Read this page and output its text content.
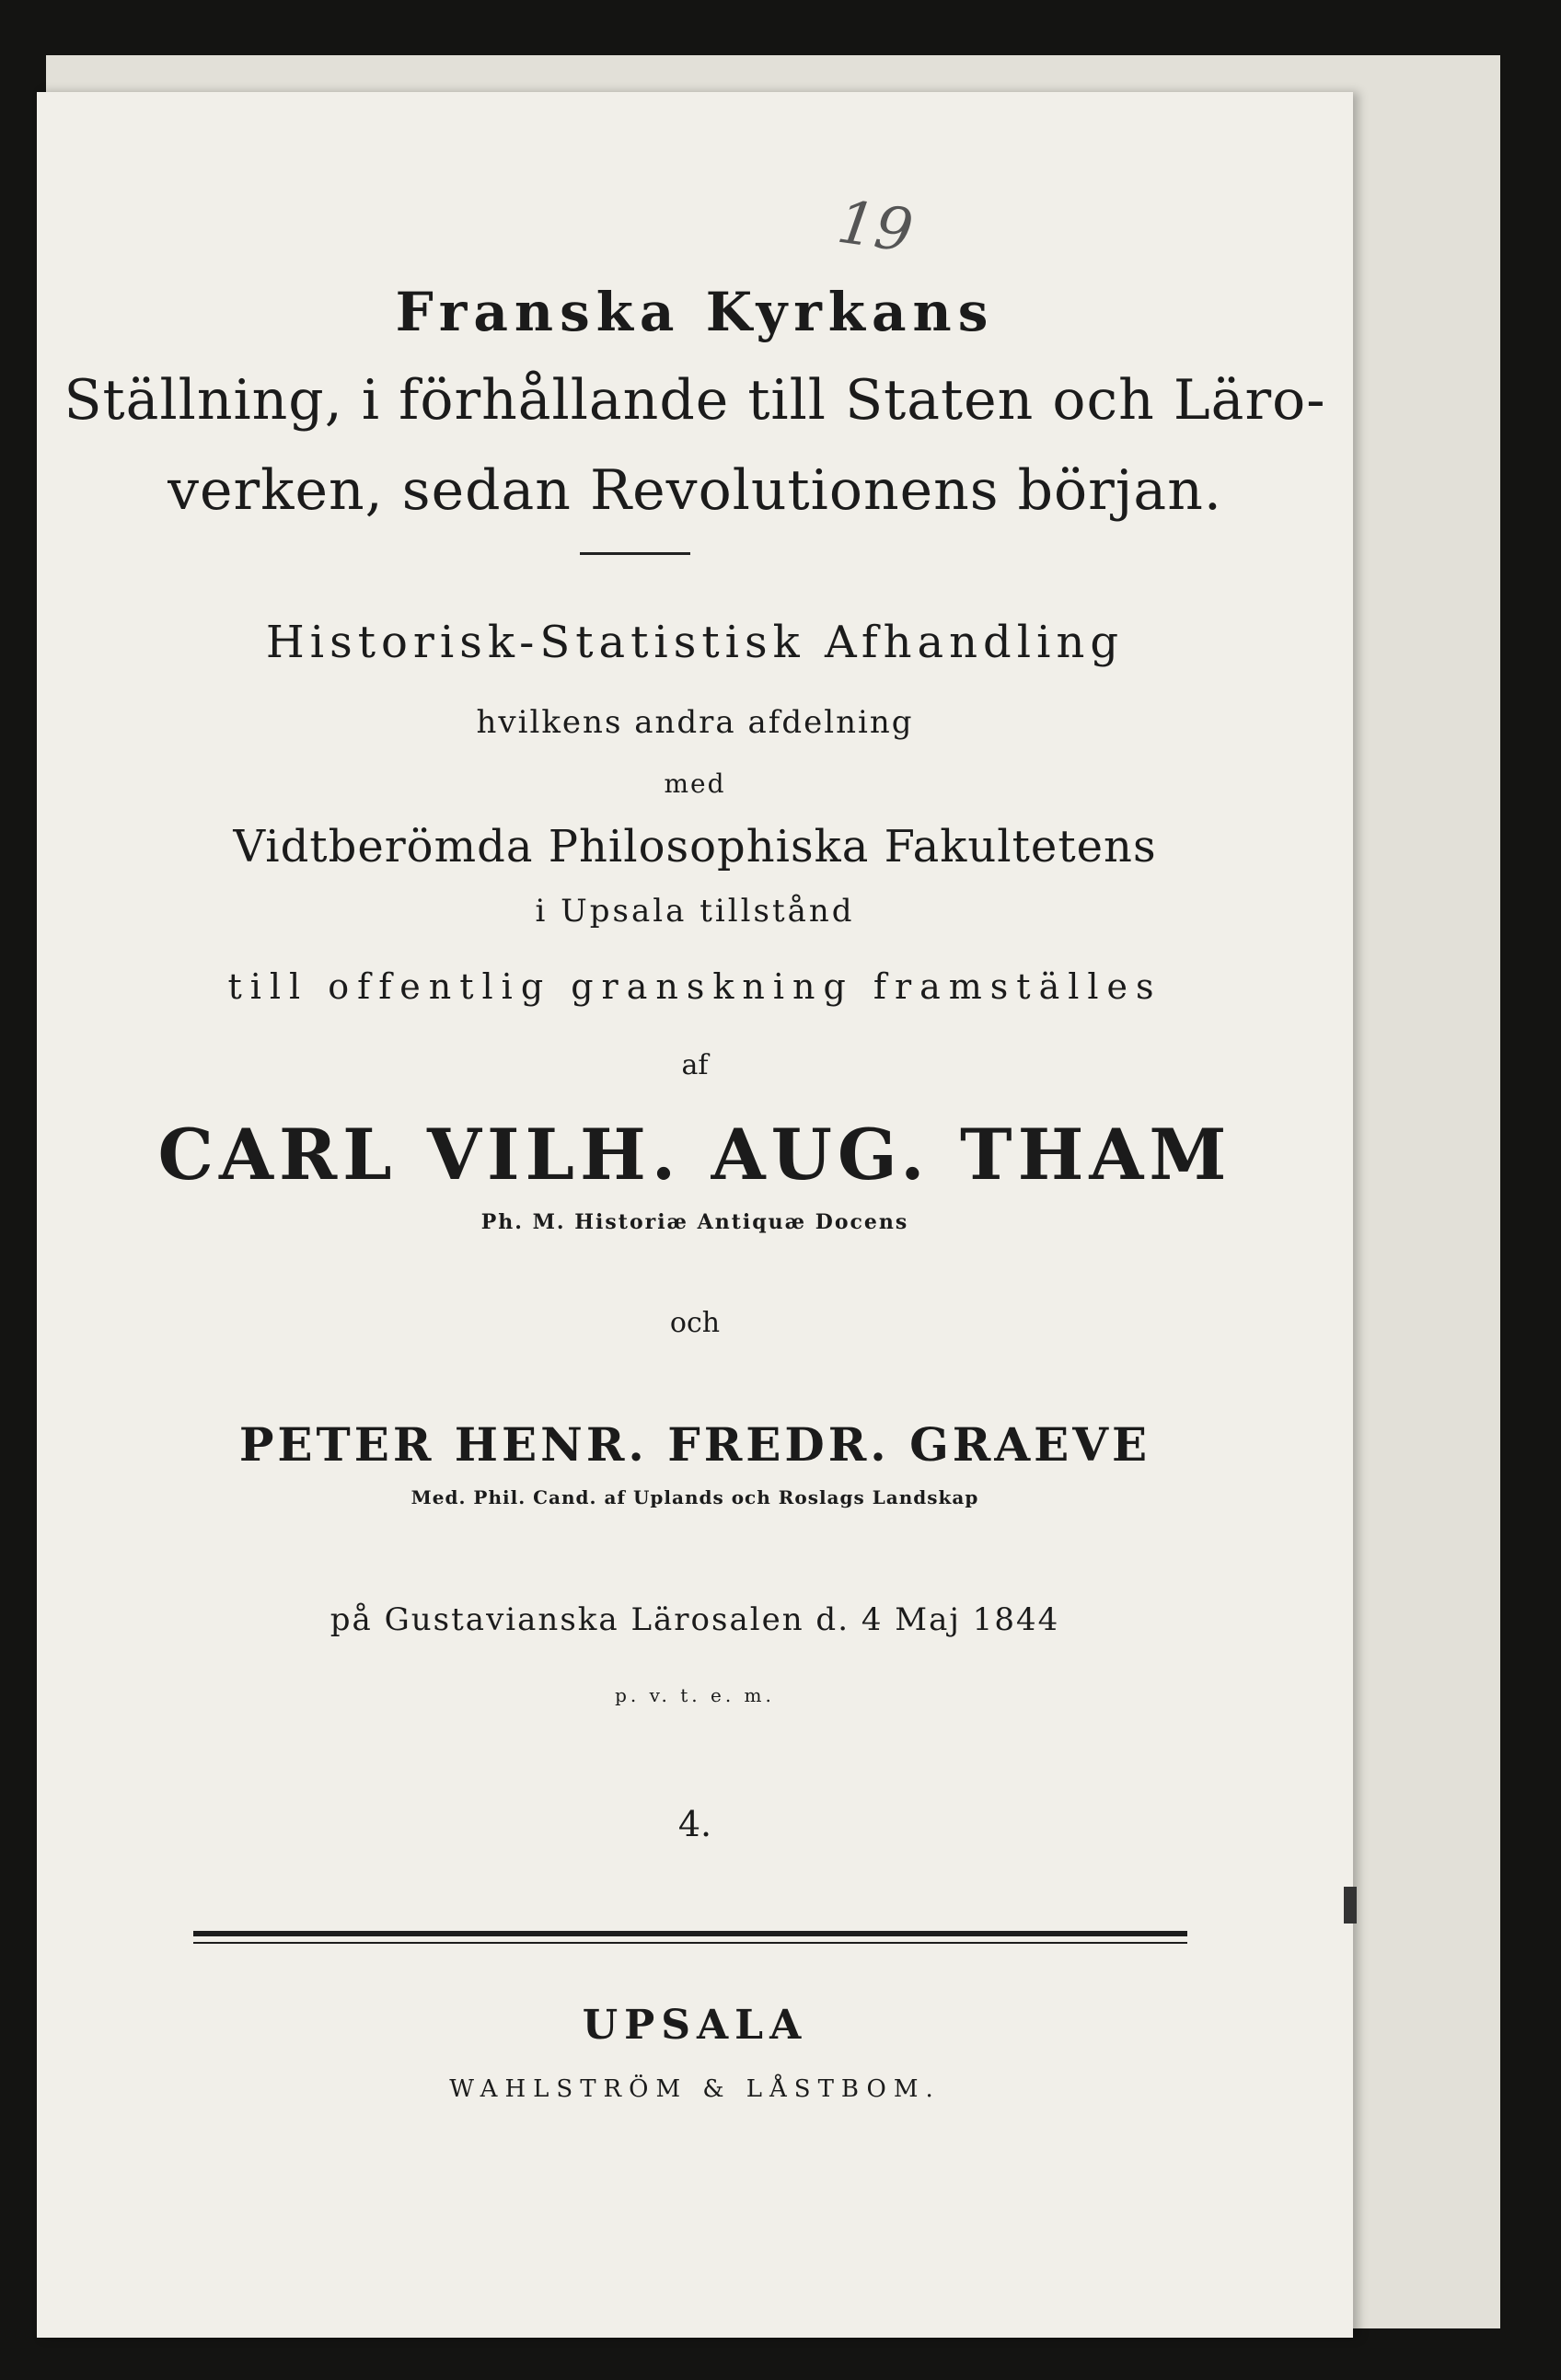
19
Franska Kyrkans
Ställning, i förhållande till Staten och Läro-
verken, sedan Revolutionens början.
Historisk-Statistisk Afhandling
hvilkens andra afdelning
med
Vidtberömda Philosophiska Fakultetens
i Upsala tillstånd
till offentlig granskning framställes
af
CARL VILH. AUG. THAM
Ph. M. Historiæ Antiquæ Docens
och
PETER HENR. FREDR. GRAEVE
Med. Phil. Cand. af Uplands och Roslags Landskap
på Gustavianska Lärosalen d. 4 Maj 1844
p. v. t. e. m.
4.
UPSALA
WAHLSTRÖM & LÅSTBOM.
